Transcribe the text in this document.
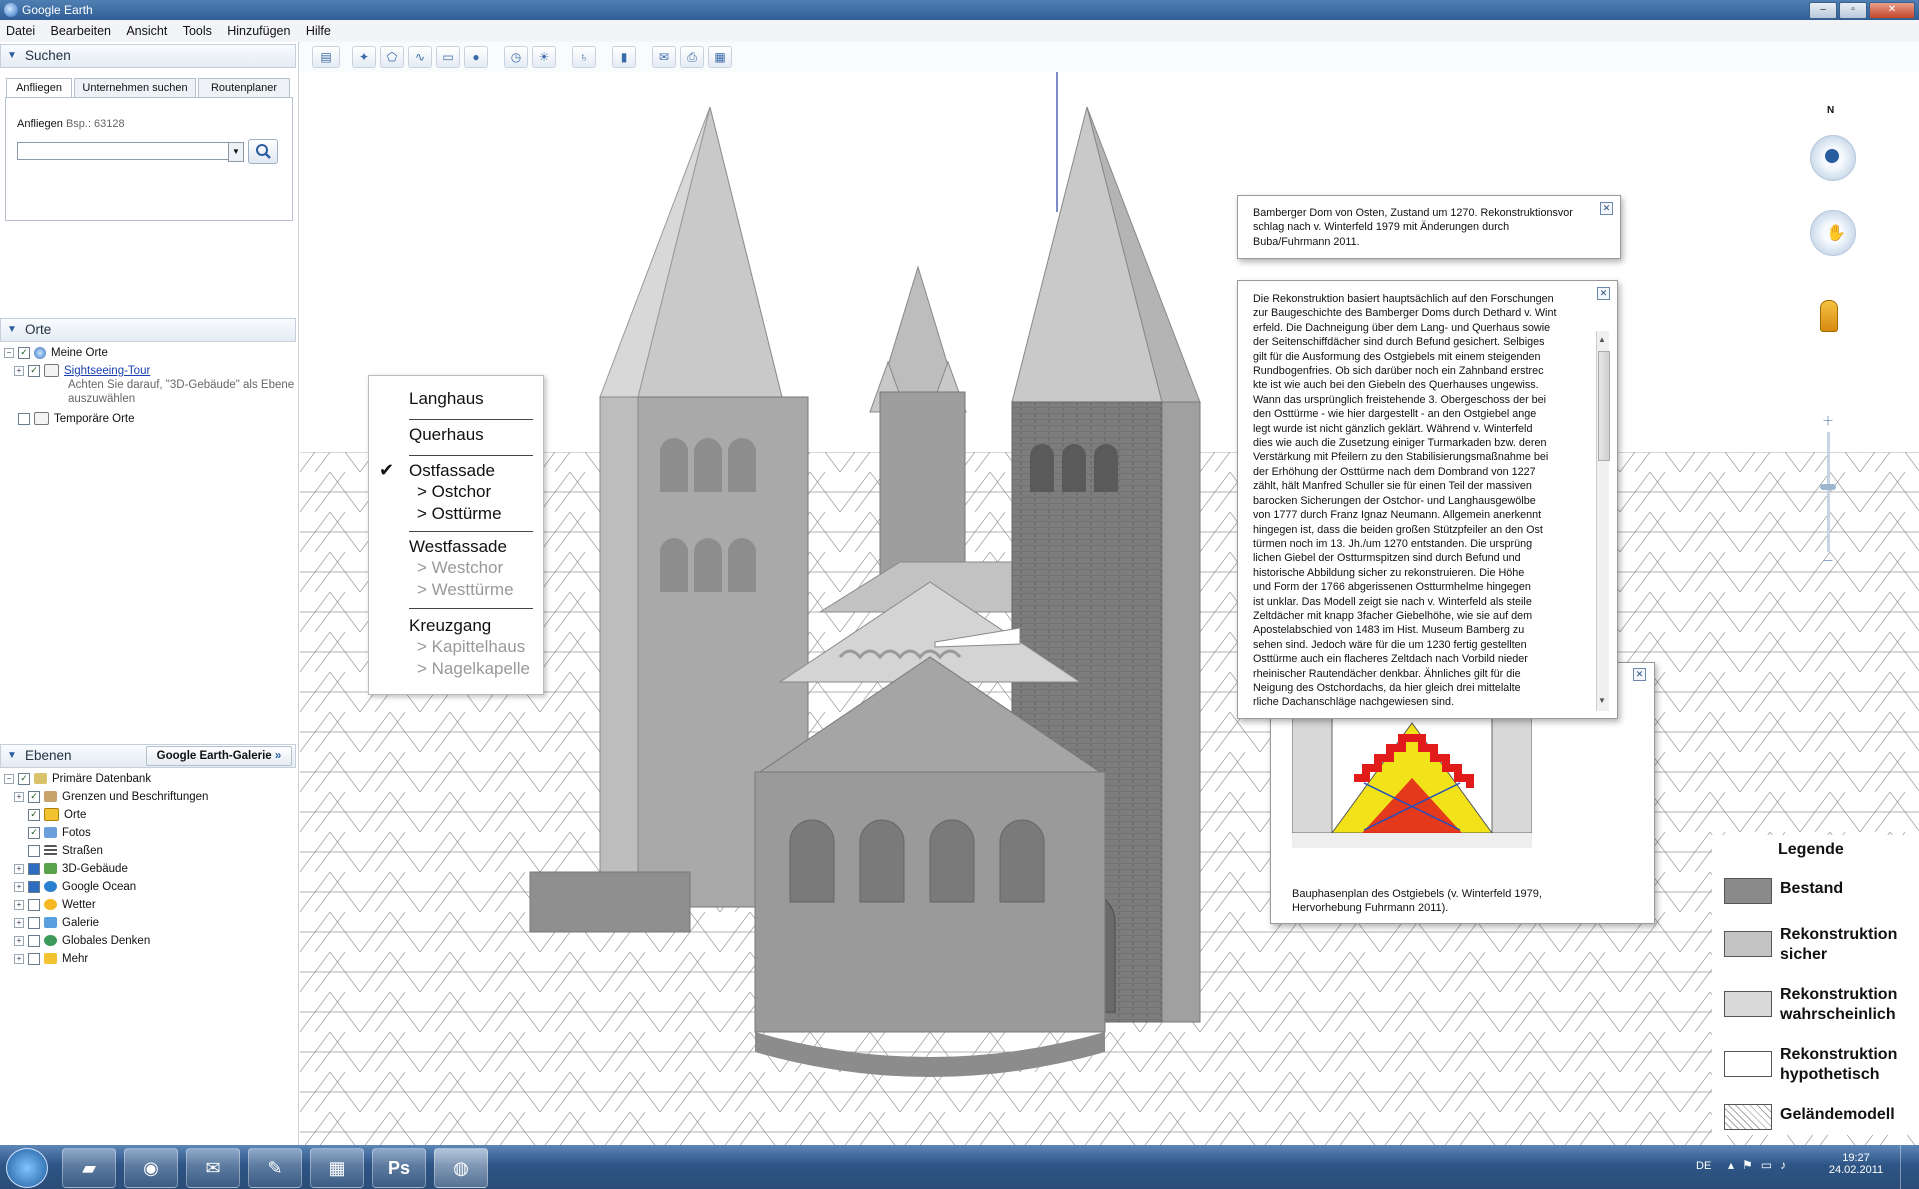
Google Earth	–	▫	✕
Datei Bearbeiten Ansicht Tools Hinzufügen Hilfe
▼ Suchen
Anfliegen	Unternehmen suchen	Routenplaner
Anfliegen Bsp.: 63128
▼
▼ Orte
− ✓ Meine Orte
+ ✓ Sightseeing-Tour
Achten Sie darauf, "3D-Gebäude" als Ebene
auszuwählen
Temporäre Orte
▼ Ebenen	Google Earth-Galerie »
− ✓ Primäre Datenbank
+ ✓ Grenzen und Beschriftungen
✓ Orte
✓ Fotos
Straßen
+	3D-Gebäude
+	Google Ocean
+	Wetter
+	Galerie
+	Globales Denken
+	Mehr
▤	✦	⬠	∿	▭	●	◷	☀	♄	▮	✉	⎙	▦
N
✋
＋
－
Langhaus
Querhaus
✔ Ostfassade
> Ostchor
> Osttürme
Westfassade
> Westchor
> Westtürme
Kreuzgang
> Kapittelhaus
> Nagelkapelle	✕
Bauphasenplan des Ostgiebels (v. Winterfeld 1979,
Hervorhebung Fuhrmann 2011).
✕
Bamberger Dom von Osten, Zustand um 1270. Rekonstruktionsvor
schlag nach v. Winterfeld 1979 mit Änderungen durch
Buba/Fuhrmann 2011.
✕
Die Rekonstruktion basiert hauptsächlich auf den Forschungen
zur Baugeschichte des Bamberger Doms durch Dethard v. Wint
erfeld. Die Dachneigung über dem Lang- und Querhaus sowie
der Seitenschiffdächer sind durch Befund gesichert. Selbiges
gilt für die Ausformung des Ostgiebels mit einem steigenden
Rundbogenfries. Ob sich darüber noch ein Zahnband erstrec
kte ist wie auch bei den Giebeln des Querhauses ungewiss.
Wann das ursprünglich freistehende 3. Obergeschoss der bei
den Osttürme - wie hier dargestellt - an den Ostgiebel ange
legt wurde ist nicht gänzlich geklärt. Während v. Winterfeld
dies wie auch die Zusetzung einiger Turmarkaden bzw. deren
Verstärkung mit Pfeilern zu den Stabilisierungsmaßnahme bei
der Erhöhung der Osttürme nach dem Dombrand von 1227
zählt, hält Manfred Schuller sie für einen Teil der massiven
barocken Sicherungen der Ostchor- und Langhausgewölbe
von 1777 durch Franz Ignaz Neumann. Allgemein anerkennt
hingegen ist, dass die beiden großen Stützpfeiler an den Ost
türmen noch im 13. Jh./um 1270 entstanden. Die ursprüng
lichen Giebel der Ostturmspitzen sind durch Befund und
historische Abbildung sicher zu rekonstruieren. Die Höhe
und Form der 1766 abgerissenen Ostturmhelme hingegen
ist unklar. Das Modell zeigt sie nach v. Winterfeld als steile
Zeltdächer mit knapp 3facher Giebelhöhe, wie sie auf dem
Apostelabschied von 1483 im Hist. Museum Bamberg zu
sehen sind. Jedoch wäre für die um 1230 fertig gestellten
Osttürme auch ein flacheres Zeltdach nach Vorbild nieder
rheinischer Rautendächer denkbar. Ähnliches gilt für die
Neigung des Ostchordachs, da hier gleich drei mittelalte
rliche Dachanschläge nachgewiesen sind.
▲
▼
Legende
Bestand
Rekonstruktion
sicher
Rekonstruktion
wahrscheinlich
Rekonstruktion
hypothetisch
Geländemodell
▰	◉	✉	✎	▦	Ps	◍	DE ▴⚑▭♪	19:27
24.02.2011
